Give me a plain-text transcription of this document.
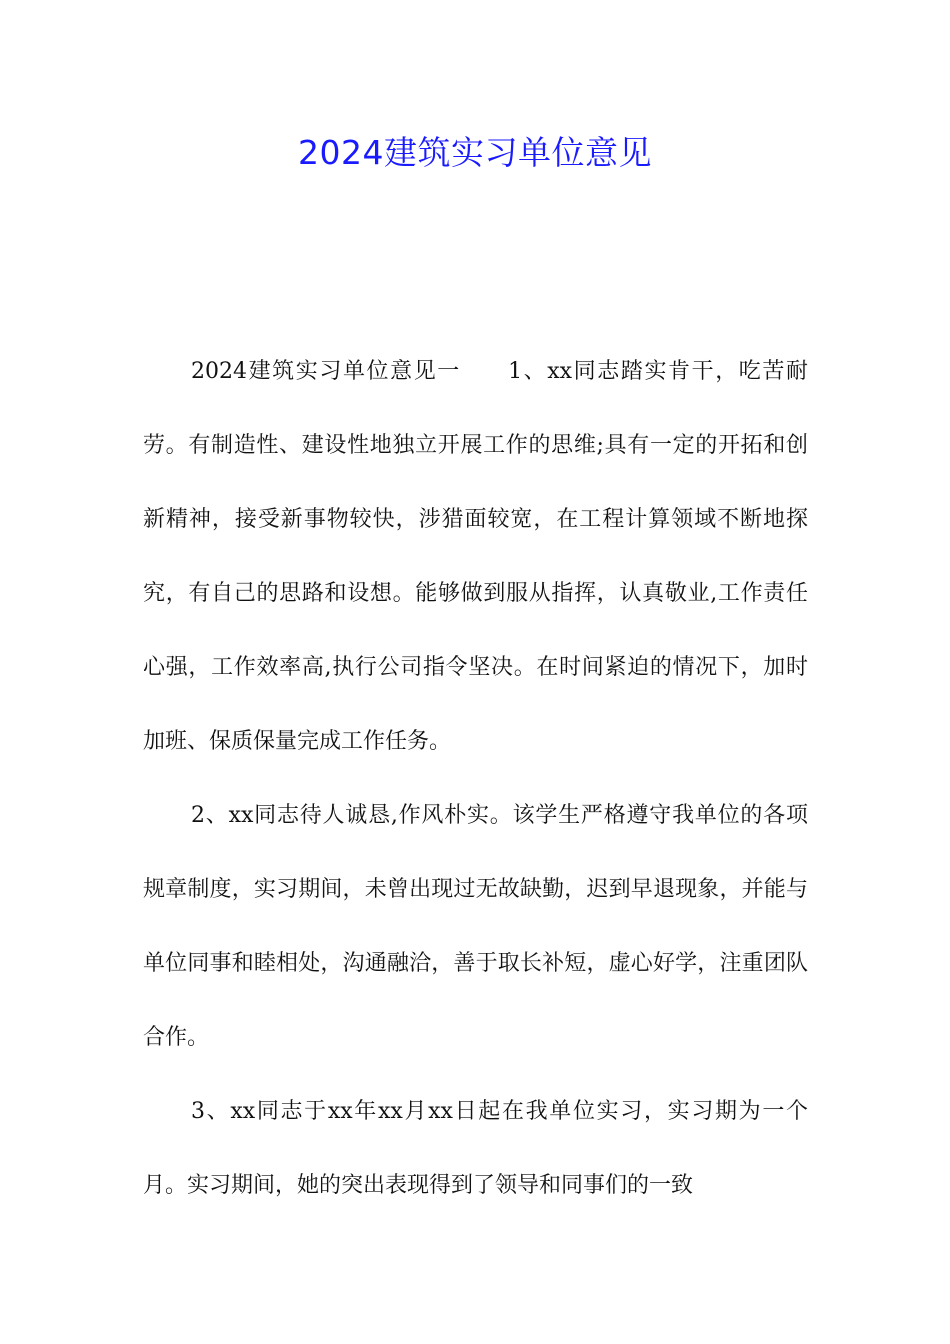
2024建筑实习单位意见

2024建筑实习单位意见一　　1、xx同志踏实肯干，吃苦耐劳。有制造性、建设性地独立开展工作的思维;具有一定的开拓和创新精神，接受新事物较快，涉猎面较宽，在工程计算领域不断地探究，有自己的思路和设想。能够做到服从指挥，认真敬业,工作责任心强，工作效率高,执行公司指令坚决。在时间紧迫的情况下，加时加班、保质保量完成工作任务。

2、xx同志待人诚恳,作风朴实。该学生严格遵守我单位的各项规章制度，实习期间，未曾出现过无故缺勤，迟到早退现象，并能与单位同事和睦相处，沟通融洽，善于取长补短，虚心好学，注重团队合作。

3、xx同志于xx年xx月xx日起在我单位实习，实习期为一个月。实习期间，她的突出表现得到了领导和同事们的一致
